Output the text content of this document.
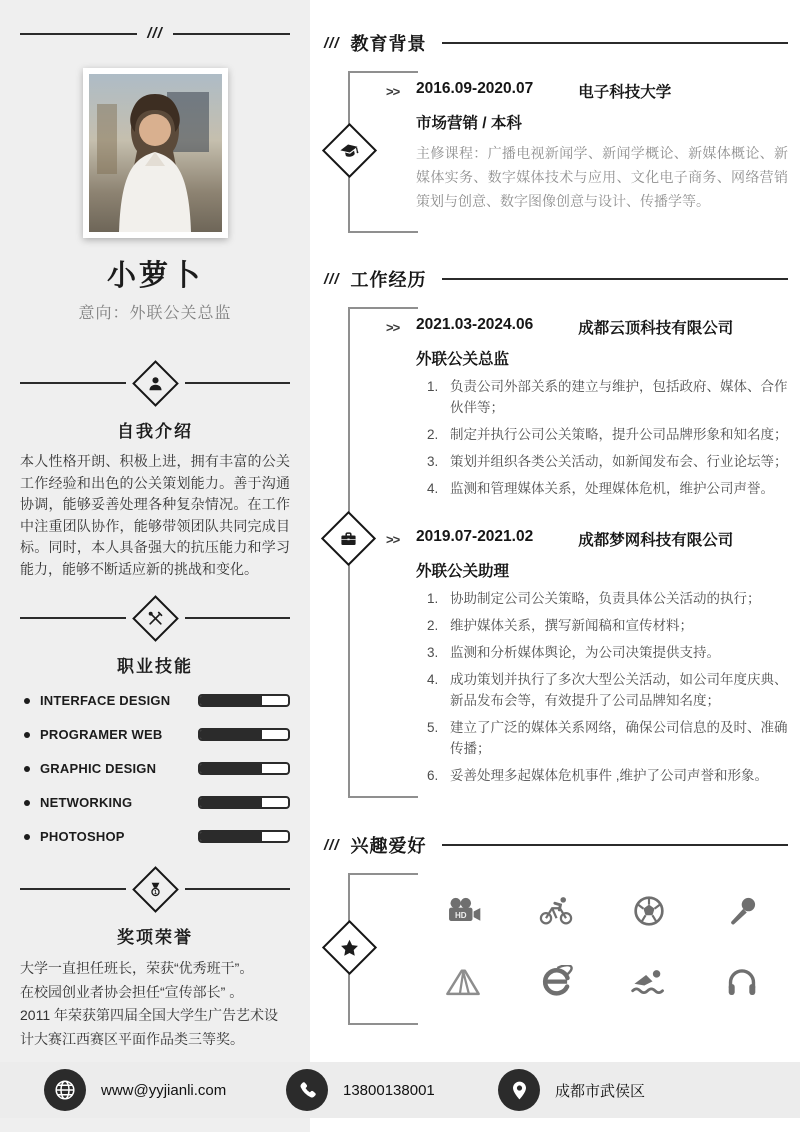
///
小萝卜
意向：外联公关总监
自我介绍
本人性格开朗、积极上进，拥有丰富的公关工作经验和出色的公关策划能力。善于沟通协调，能够妥善处理各种复杂情况。在工作中注重团队协作，能够带领团队共同完成目标。同时，本人具备强大的抗压能力和学习能力，能够不断适应新的挑战和变化。
职业技能
INTERFACE DESIGN
PROGRAMER WEB
GRAPHIC DESIGN
NETWORKING
PHOTOSHOP
1
奖项荣誉
大学一直担任班长，荣获“优秀班干”。
在校园创业者协会担任“宣传部长” 。
2011 年荣获第四届全国大学生广告艺术设计大赛江西赛区平面作品类三等奖。
/// 教育背景
>> 2016.09-2020.07	电子科技大学
市场营销 / 本科
主修课程：广播电视新闻学、新闻学概论、新媒体概论、新媒体实务、数字媒体技术与应用、文化电子商务、网络营销策划与创意、数字图像创意与设计、传播学等。
/// 工作经历
>> 2021.03-2024.06	成都云顶科技有限公司
外联公关总监
1. 负责公司外部关系的建立与维护，包括政府、媒体、合作伙伴等；
2. 制定并执行公司公关策略，提升公司品牌形象和知名度；
3. 策划并组织各类公关活动，如新闻发布会、行业论坛等；
4. 监测和管理媒体关系，处理媒体危机，维护公司声誉。
>> 2019.07-2021.02	成都梦网科技有限公司
外联公关助理
1. 协助制定公司公关策略，负责具体公关活动的执行；
2. 维护媒体关系，撰写新闻稿和宣传材料；
3. 监测和分析媒体舆论，为公司决策提供支持。
4. 成功策划并执行了多次大型公关活动，如公司年度庆典、新品发布会等，有效提升了公司品牌知名度；
5. 建立了广泛的媒体关系网络，确保公司信息的及时、准确传播；
6. 妥善处理多起媒体危机事件 ,维护了公司声誉和形象。
/// 兴趣爱好
HD
www@yyjianli.com	13800138001	成都市武侯区
